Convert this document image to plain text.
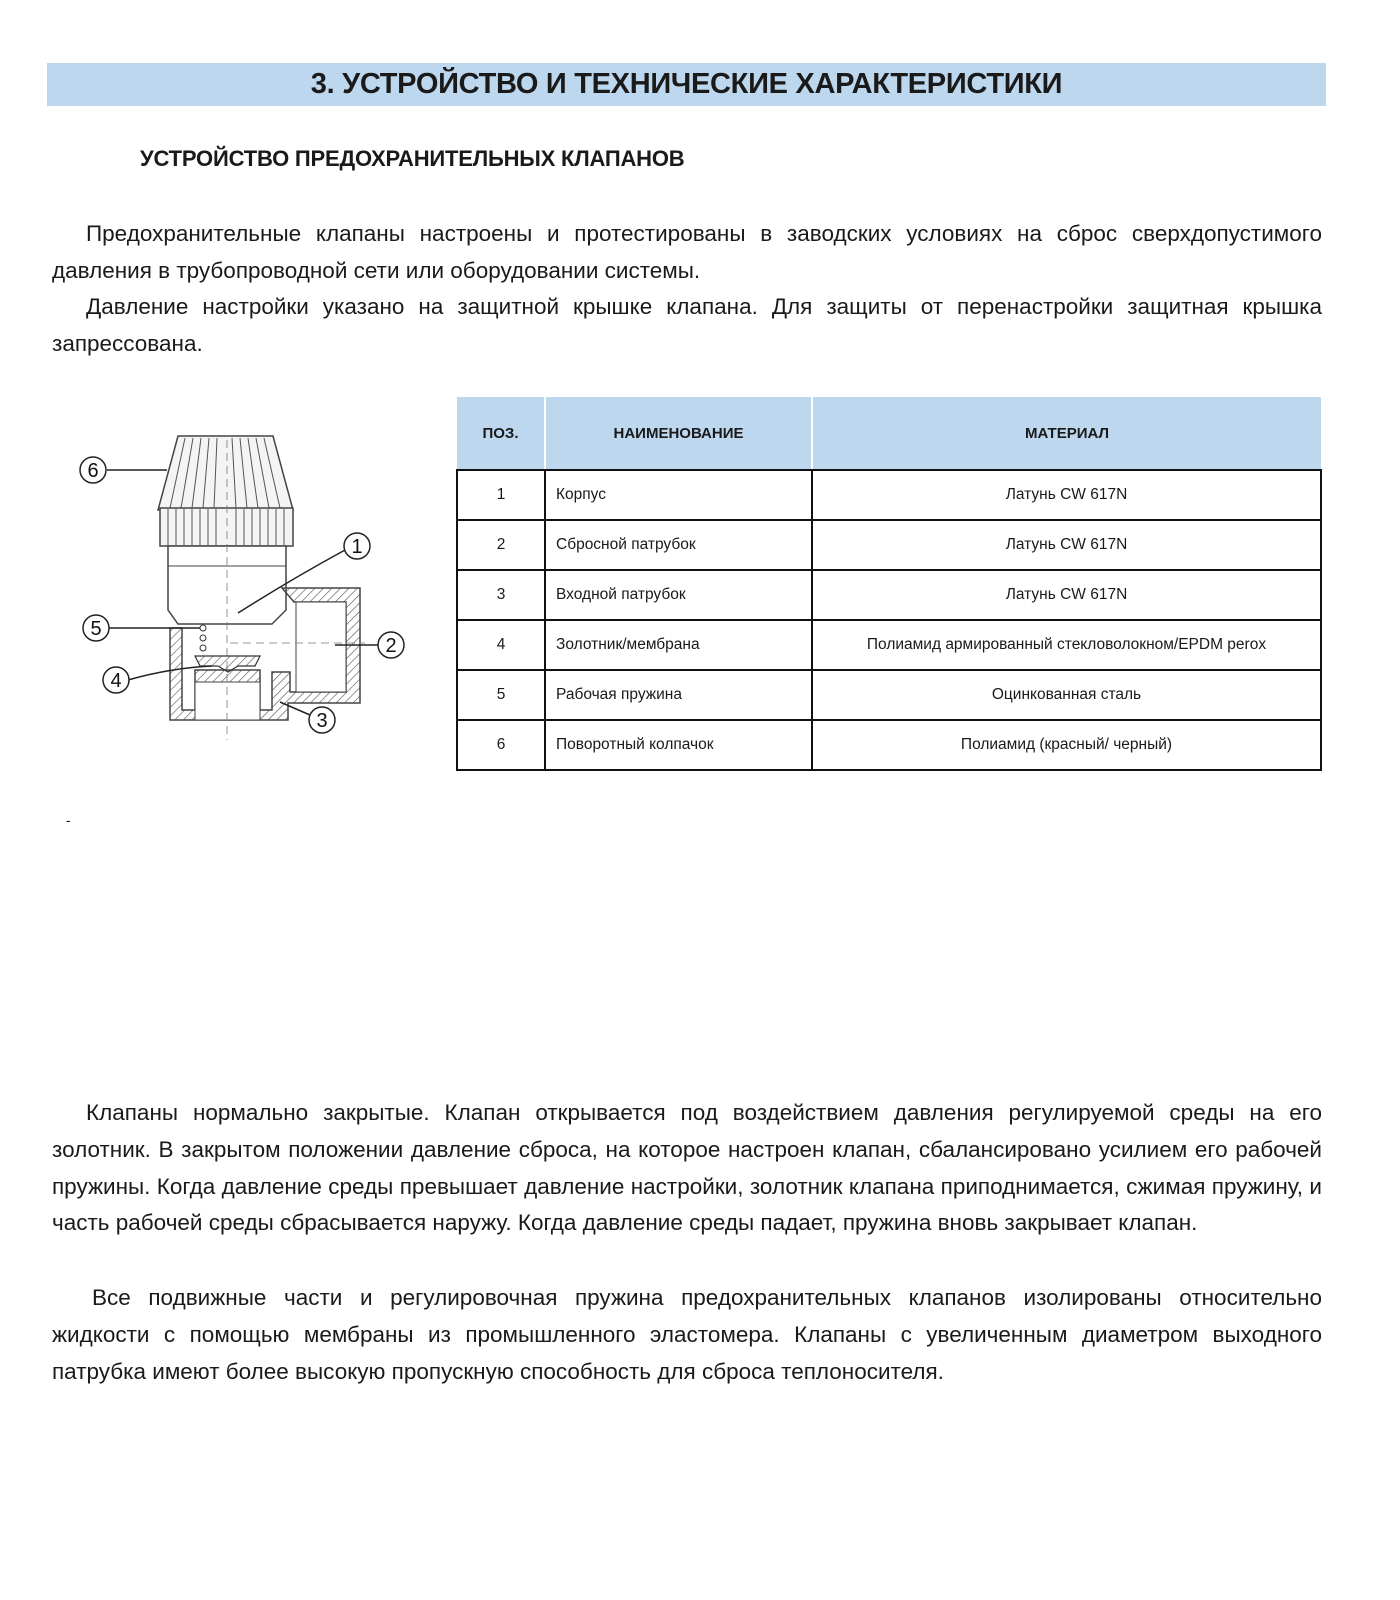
3. УСТРОЙСТВО И ТЕХНИЧЕСКИЕ ХАРАКТЕРИСТИКИ
УСТРОЙСТВО ПРЕДОХРАНИТЕЛЬНЫХ КЛАПАНОВ

Предохранительные клапаны настроены и протестированы в заводских условиях на сброс сверхдопустимого давления в трубопроводной сети или оборудовании системы.

Давление настройки указано на защитной крышке клапана. Для защиты от перенастройки защитная крышка запрессована.

6
1
5
2
4
3
ПОЗ.	НАИМЕНОВАНИЕ	МАТЕРИАЛ
1	Корпус	Латунь CW 617N
2	Сбросной патрубок	Латунь CW 617N
3	Входной патрубок	Латунь CW 617N
4	Золотник/мембрана	Полиамид армированный стекловолокном/EPDM perox
5	Рабочая пружина	Оцинкованная сталь
6	Поворотный колпачок	Полиамид (красный/ черный)
-

Клапаны нормально закрытые. Клапан открывается под воздействием давления регулируемой среды на его золотник. В закрытом положении давление сброса, на которое настроен клапан, сбалансировано усилием его рабочей пружины. Когда давление среды превышает давление настройки, золотник клапана приподнимается, сжимая пружину, и часть рабочей среды сбрасывается наружу. Когда давление среды падает, пружина вновь закрывает клапан.

Все подвижные части и регулировочная пружина предохранительных клапанов изолированы относительно жидкости с помощью мембраны из промышленного эластомера. Клапаны с увеличенным диаметром выходного патрубка имеют более высокую пропускную способность для сброса теплоносителя.
